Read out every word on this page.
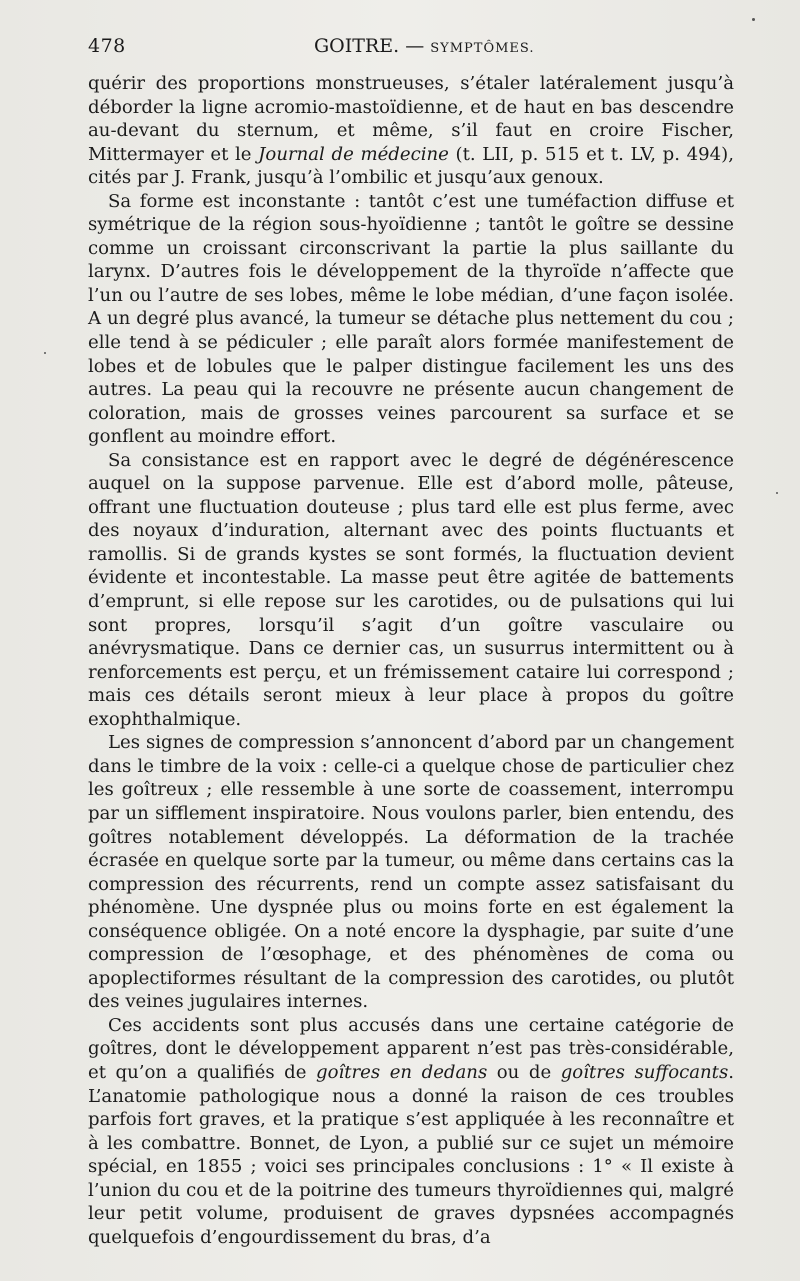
478	GOITRE. — SYMPTÔMES.

quérir des proportions monstrueuses, s’étaler latéralement jusqu’à déborder la ligne acromio-mastoïdienne, et de haut en bas descendre au-devant du sternum, et même, s’il faut en croire Fischer, Mittermayer et le Journal de médecine (t. LII, p. 515 et t. LV, p. 494), cités par J. Frank, jusqu’à l’ombilic et jusqu’aux genoux.

Sa forme est inconstante : tantôt c’est une tuméfaction diffuse et symétrique de la région sous-hyoïdienne ; tantôt le goître se dessine comme un croissant circonscrivant la partie la plus saillante du larynx. D’autres fois le développement de la thyroïde n’affecte que l’un ou l’autre de ses lobes, même le lobe médian, d’une façon isolée. A un degré plus avancé, la tumeur se détache plus nettement du cou ; elle tend à se pédiculer ; elle paraît alors formée manifestement de lobes et de lobules que le palper distingue facilement les uns des autres. La peau qui la recouvre ne présente aucun changement de coloration, mais de grosses veines parcourent sa surface et se gonflent au moindre effort.

Sa consistance est en rapport avec le degré de dégénérescence auquel on la suppose parvenue. Elle est d’abord molle, pâteuse, offrant une fluctuation douteuse ; plus tard elle est plus ferme, avec des noyaux d’induration, alternant avec des points fluctuants et ramollis. Si de grands kystes se sont formés, la fluctuation devient évidente et incontestable. La masse peut être agitée de battements d’emprunt, si elle repose sur les carotides, ou de pulsations qui lui sont propres, lorsqu’il s’agit d’un goître vasculaire ou anévrysmatique. Dans ce dernier cas, un susurrus intermittent ou à renforcements est perçu, et un frémissement cataire lui correspond ; mais ces détails seront mieux à leur place à propos du goître exophthalmique.

Les signes de compression s’annoncent d’abord par un changement dans le timbre de la voix : celle-ci a quelque chose de particulier chez les goîtreux ; elle ressemble à une sorte de coassement, interrompu par un sifflement inspiratoire. Nous voulons parler, bien entendu, des goîtres notablement développés. La déformation de la trachée écrasée en quelque sorte par la tumeur, ou même dans certains cas la compression des récurrents, rend un compte assez satisfaisant du phénomène. Une dyspnée plus ou moins forte en est également la conséquence obligée. On a noté encore la dysphagie, par suite d’une compression de l’œsophage, et des phénomènes de coma ou apoplectiformes résultant de la compression des carotides, ou plutôt des veines jugulaires internes.

Ces accidents sont plus accusés dans une certaine catégorie de goîtres, dont le développement apparent n’est pas très-considérable, et qu’on a qualifiés de goîtres en dedans ou de goîtres suffocants. L’anatomie pathologique nous a donné la raison de ces troubles parfois fort graves, et la pratique s’est appliquée à les reconnaître et à les combattre. Bonnet, de Lyon, a publié sur ce sujet un mémoire spécial, en 1855 ; voici ses principales conclusions : 1° « Il existe à l’union du cou et de la poitrine des tumeurs thyroïdiennes qui, malgré leur petit volume, produisent de graves dypsnées accompagnés quelquefois d’engourdissement du bras, d’a
